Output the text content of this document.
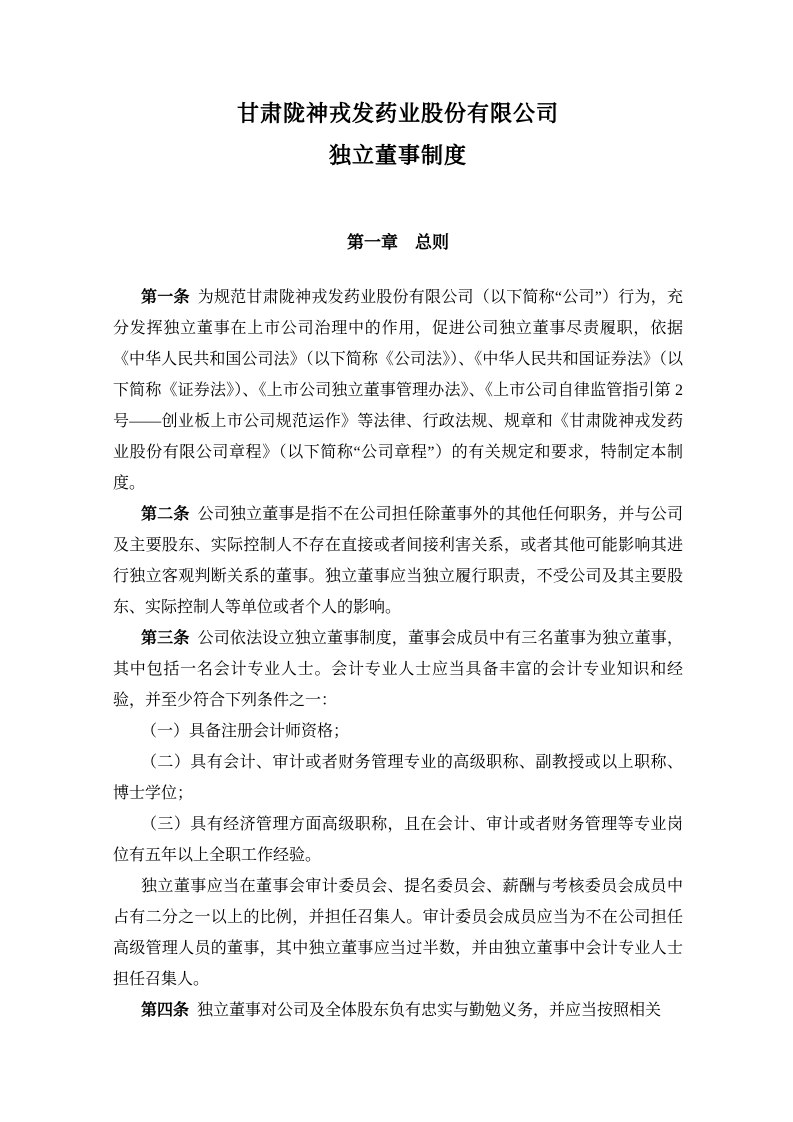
甘肃陇神戎发药业股份有限公司
独立董事制度
第一章　总则

第一条 为规范甘肃陇神戎发药业股份有限公司（以下简称“公司”）行为，充分发挥独立董事在上市公司治理中的作用，促进公司独立董事尽责履职，依据《中华人民共和国公司法》（以下简称《公司法》）、《中华人民共和国证券法》（以下简称《证券法》）、《上市公司独立董事管理办法》、《上市公司自律监管指引第 2 号——创业板上市公司规范运作》等法律、行政法规、规章和《甘肃陇神戎发药业股份有限公司章程》（以下简称“公司章程”）的有关规定和要求，特制定本制度。

第二条 公司独立董事是指不在公司担任除董事外的其他任何职务，并与公司及主要股东、实际控制人不存在直接或者间接利害关系，或者其他可能影响其进行独立客观判断关系的董事。独立董事应当独立履行职责，不受公司及其主要股东、实际控制人等单位或者个人的影响。

第三条 公司依法设立独立董事制度，董事会成员中有三名董事为独立董事，其中包括一名会计专业人士。会计专业人士应当具备丰富的会计专业知识和经验，并至少符合下列条件之一：

（一）具备注册会计师资格；

（二）具有会计、审计或者财务管理专业的高级职称、副教授或以上职称、博士学位；

（三）具有经济管理方面高级职称，且在会计、审计或者财务管理等专业岗位有五年以上全职工作经验。

独立董事应当在董事会审计委员会、提名委员会、薪酬与考核委员会成员中占有二分之一以上的比例，并担任召集人。审计委员会成员应当为不在公司担任高级管理人员的董事，其中独立董事应当过半数，并由独立董事中会计专业人士担任召集人。

第四条 独立董事对公司及全体股东负有忠实与勤勉义务，并应当按照相关
